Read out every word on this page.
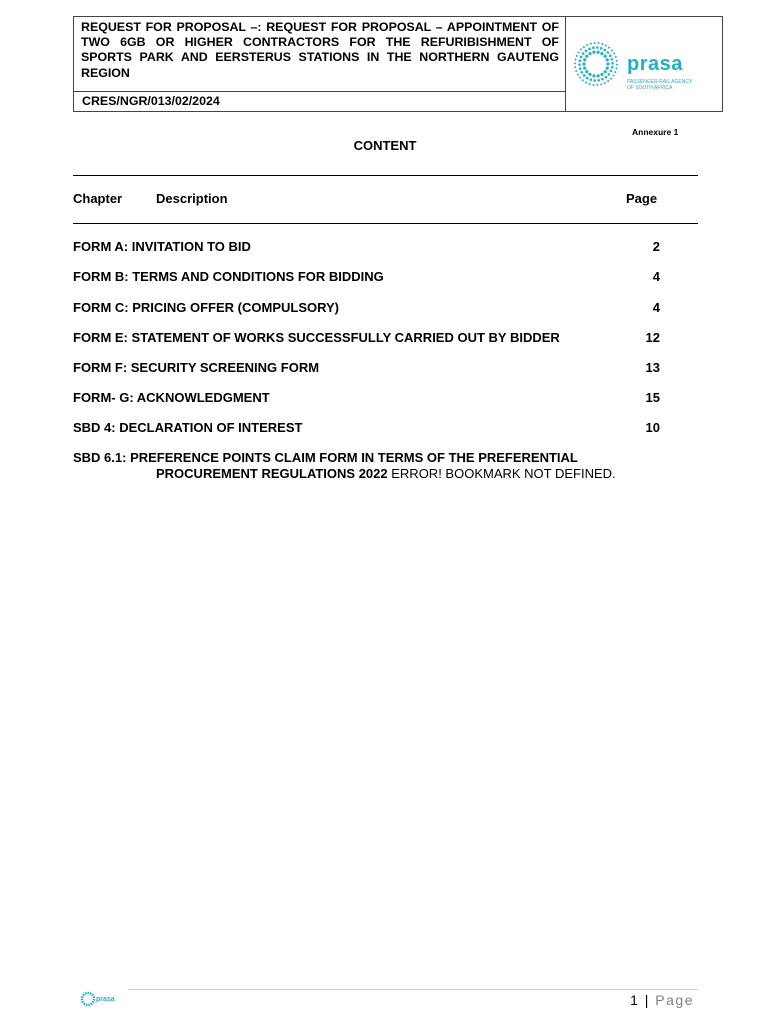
REQUEST FOR PROPOSAL –: REQUEST FOR PROPOSAL – APPOINTMENT OF TWO 6GB OR HIGHER CONTRACTORS FOR THE REFURIBISHMENT OF SPORTS PARK AND EERSTERUS STATIONS IN THE NORTHERN GAUTENG REGION
CRES/NGR/013/02/2024
prasa
PASSENGER RAIL AGENCY OF SOUTH AFRICA
Annexure 1
CONTENT
Chapter	Description	Page
FORM A: INVITATION TO BID	2
FORM B: TERMS AND CONDITIONS FOR BIDDING	4
FORM C: PRICING OFFER (COMPULSORY)	4
FORM E: STATEMENT OF WORKS SUCCESSFULLY CARRIED OUT BY BIDDER	12
FORM F: SECURITY SCREENING FORM	13
FORM- G: ACKNOWLEDGMENT	15
SBD 4: DECLARATION OF INTEREST	10
SBD 6.1: PREFERENCE POINTS CLAIM FORM IN TERMS OF THE PREFERENTIAL
PROCUREMENT REGULATIONS 2022 ERROR! BOOKMARK NOT DEFINED.
prasa	1 | Page
